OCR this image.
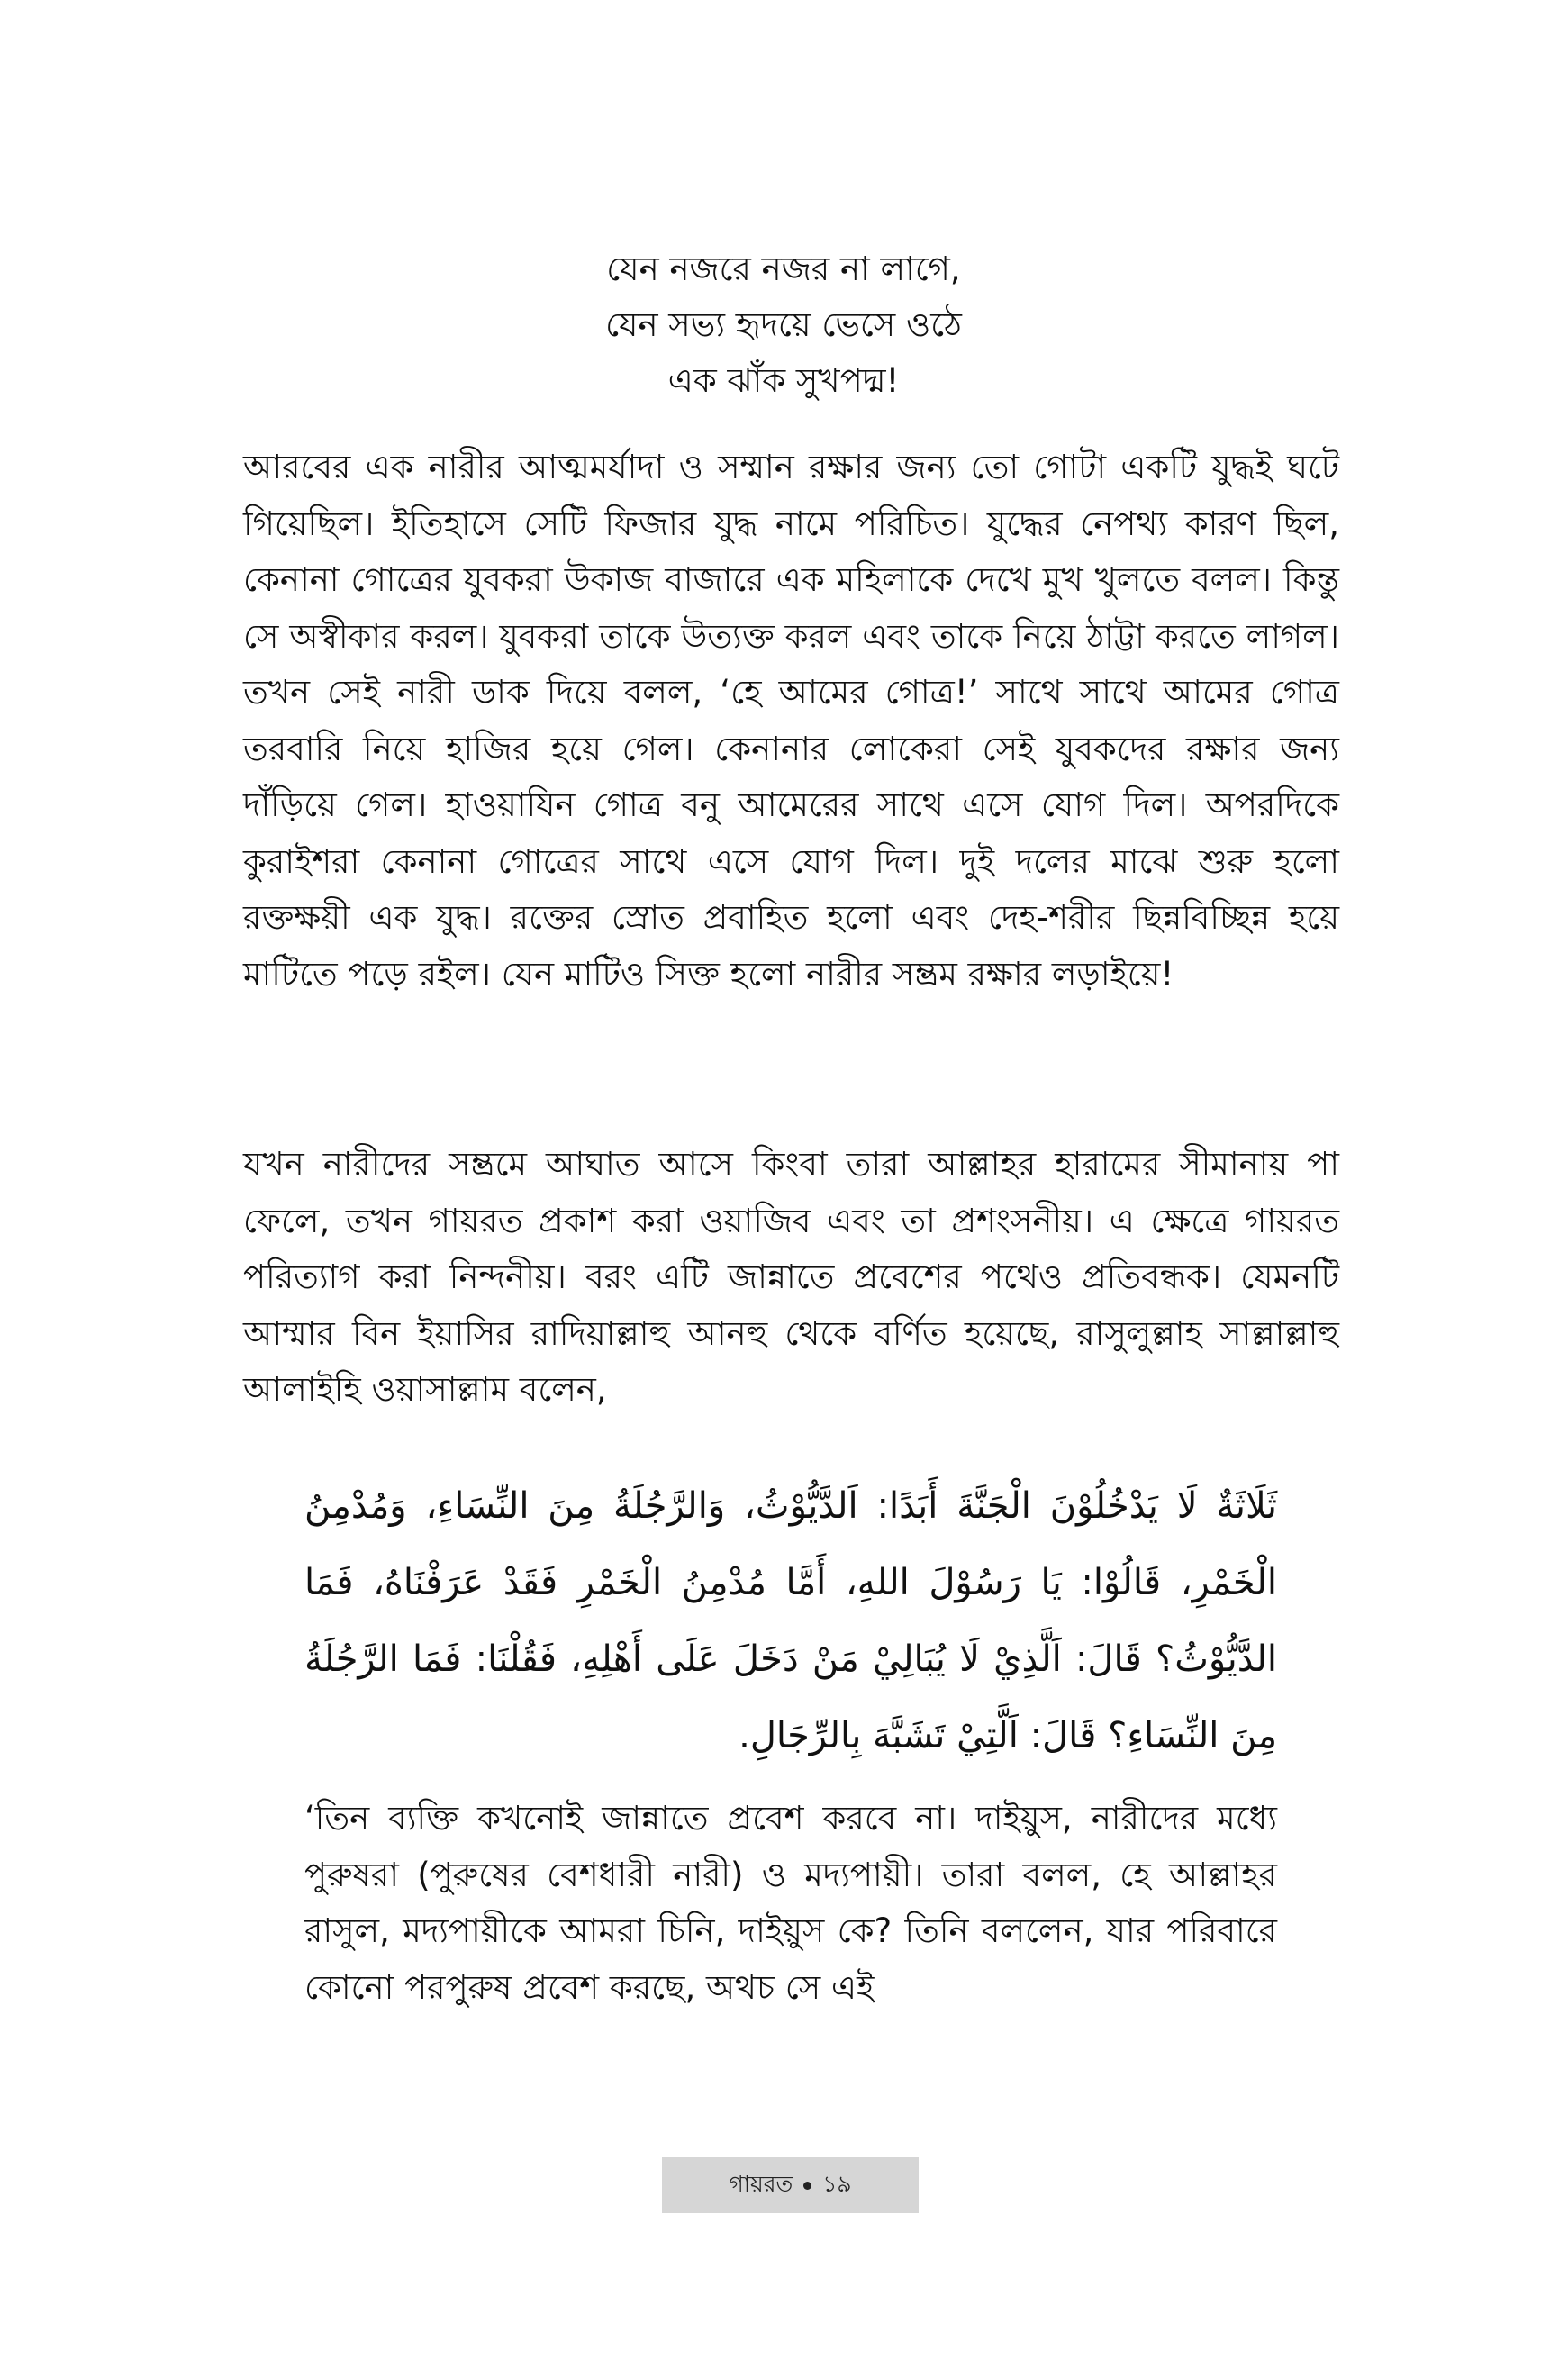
যেন নজরে নজর না লাগে,
যেন সভ্য হৃদয়ে ভেসে ওঠে
এক ঝাঁক সুখপদ্ম!

আরবের এক নারীর আত্মমর্যাদা ও সম্মান রক্ষার জন্য তো গোটা একটি যুদ্ধই ঘটে গিয়েছিল। ইতিহাসে সেটি ফিজার যুদ্ধ নামে পরিচিত। যুদ্ধের নেপথ্য কারণ ছিল, কেনানা গোত্রের যুবকরা উকাজ বাজারে এক মহিলাকে দেখে মুখ খুলতে বলল। কিন্তু সে অস্বীকার করল। যুবকরা তাকে উত্যক্ত করল এবং তাকে নিয়ে ঠাট্টা করতে লাগল। তখন সেই নারী ডাক দিয়ে বলল, ‘হে আমের গোত্র!’ সাথে সাথে আমের গোত্র তরবারি নিয়ে হাজির হয়ে গেল। কেনানার লোকেরা সেই যুবকদের রক্ষার জন্য দাঁড়িয়ে গেল। হাওয়াযিন গোত্র বনু আমেরের সাথে এসে যোগ দিল। অপরদিকে কুরাইশরা কেনানা গোত্রের সাথে এসে যোগ দিল। দুই দলের মাঝে শুরু হলো রক্তক্ষয়ী এক যুদ্ধ। রক্তের স্রোত প্রবাহিত হলো এবং দেহ-শরীর ছিন্নবিচ্ছিন্ন হয়ে মাটিতে পড়ে রইল। যেন মাটিও সিক্ত হলো নারীর সম্ভ্রম রক্ষার লড়াইয়ে!

যখন নারীদের সম্ভ্রমে আঘাত আসে কিংবা তারা আল্লাহর হারামের সীমানায় পা ফেলে, তখন গায়রত প্রকাশ করা ওয়াজিব এবং তা প্রশংসনীয়। এ ক্ষেত্রে গায়রত পরিত্যাগ করা নিন্দনীয়। বরং এটি জান্নাতে প্রবেশের পথেও প্রতিবন্ধক। যেমনটি আম্মার বিন ইয়াসির রাদিয়াল্লাহু আনহু থেকে বর্ণিত হয়েছে, রাসুলুল্লাহ সাল্লাল্লাহু আলাইহি ওয়াসাল্লাম বলেন,

ثَلَاثَةٌ لَا يَدْخُلُوْنَ الْجَنَّةَ أَبَدًا: اَلدَّيُّوْثُ، وَالرَّجُلَةُ مِنَ النِّسَاءِ، وَمُدْمِنُ الْخَمْرِ، قَالُوْا: يَا رَسُوْلَ اللهِ، أَمَّا مُدْمِنُ الْخَمْرِ فَقَدْ عَرَفْنَاهُ، فَمَا الدَّيُّوْثُ؟ قَالَ: اَلَّذِيْ لَا يُبَالِيْ مَنْ دَخَلَ عَلَى أَهْلِهِ، فَقُلْنَا: فَمَا الرَّجُلَةُ مِنَ النِّسَاءِ؟ قَالَ: اَلَّتِيْ تَشَبَّهَ بِالرِّجَالِ.

‘তিন ব্যক্তি কখনোই জান্নাতে প্রবেশ করবে না। দাইয়ুস, নারীদের মধ্যে পুরুষরা (পুরুষের বেশধারী নারী) ও মদ্যপায়ী। তারা বলল, হে আল্লাহর রাসুল, মদ্যপায়ীকে আমরা চিনি, দাইয়ুস কে? তিনি বললেন, যার পরিবারে কোনো পরপুরুষ প্রবেশ করছে, অথচ সে এই

গায়রত ১৯
